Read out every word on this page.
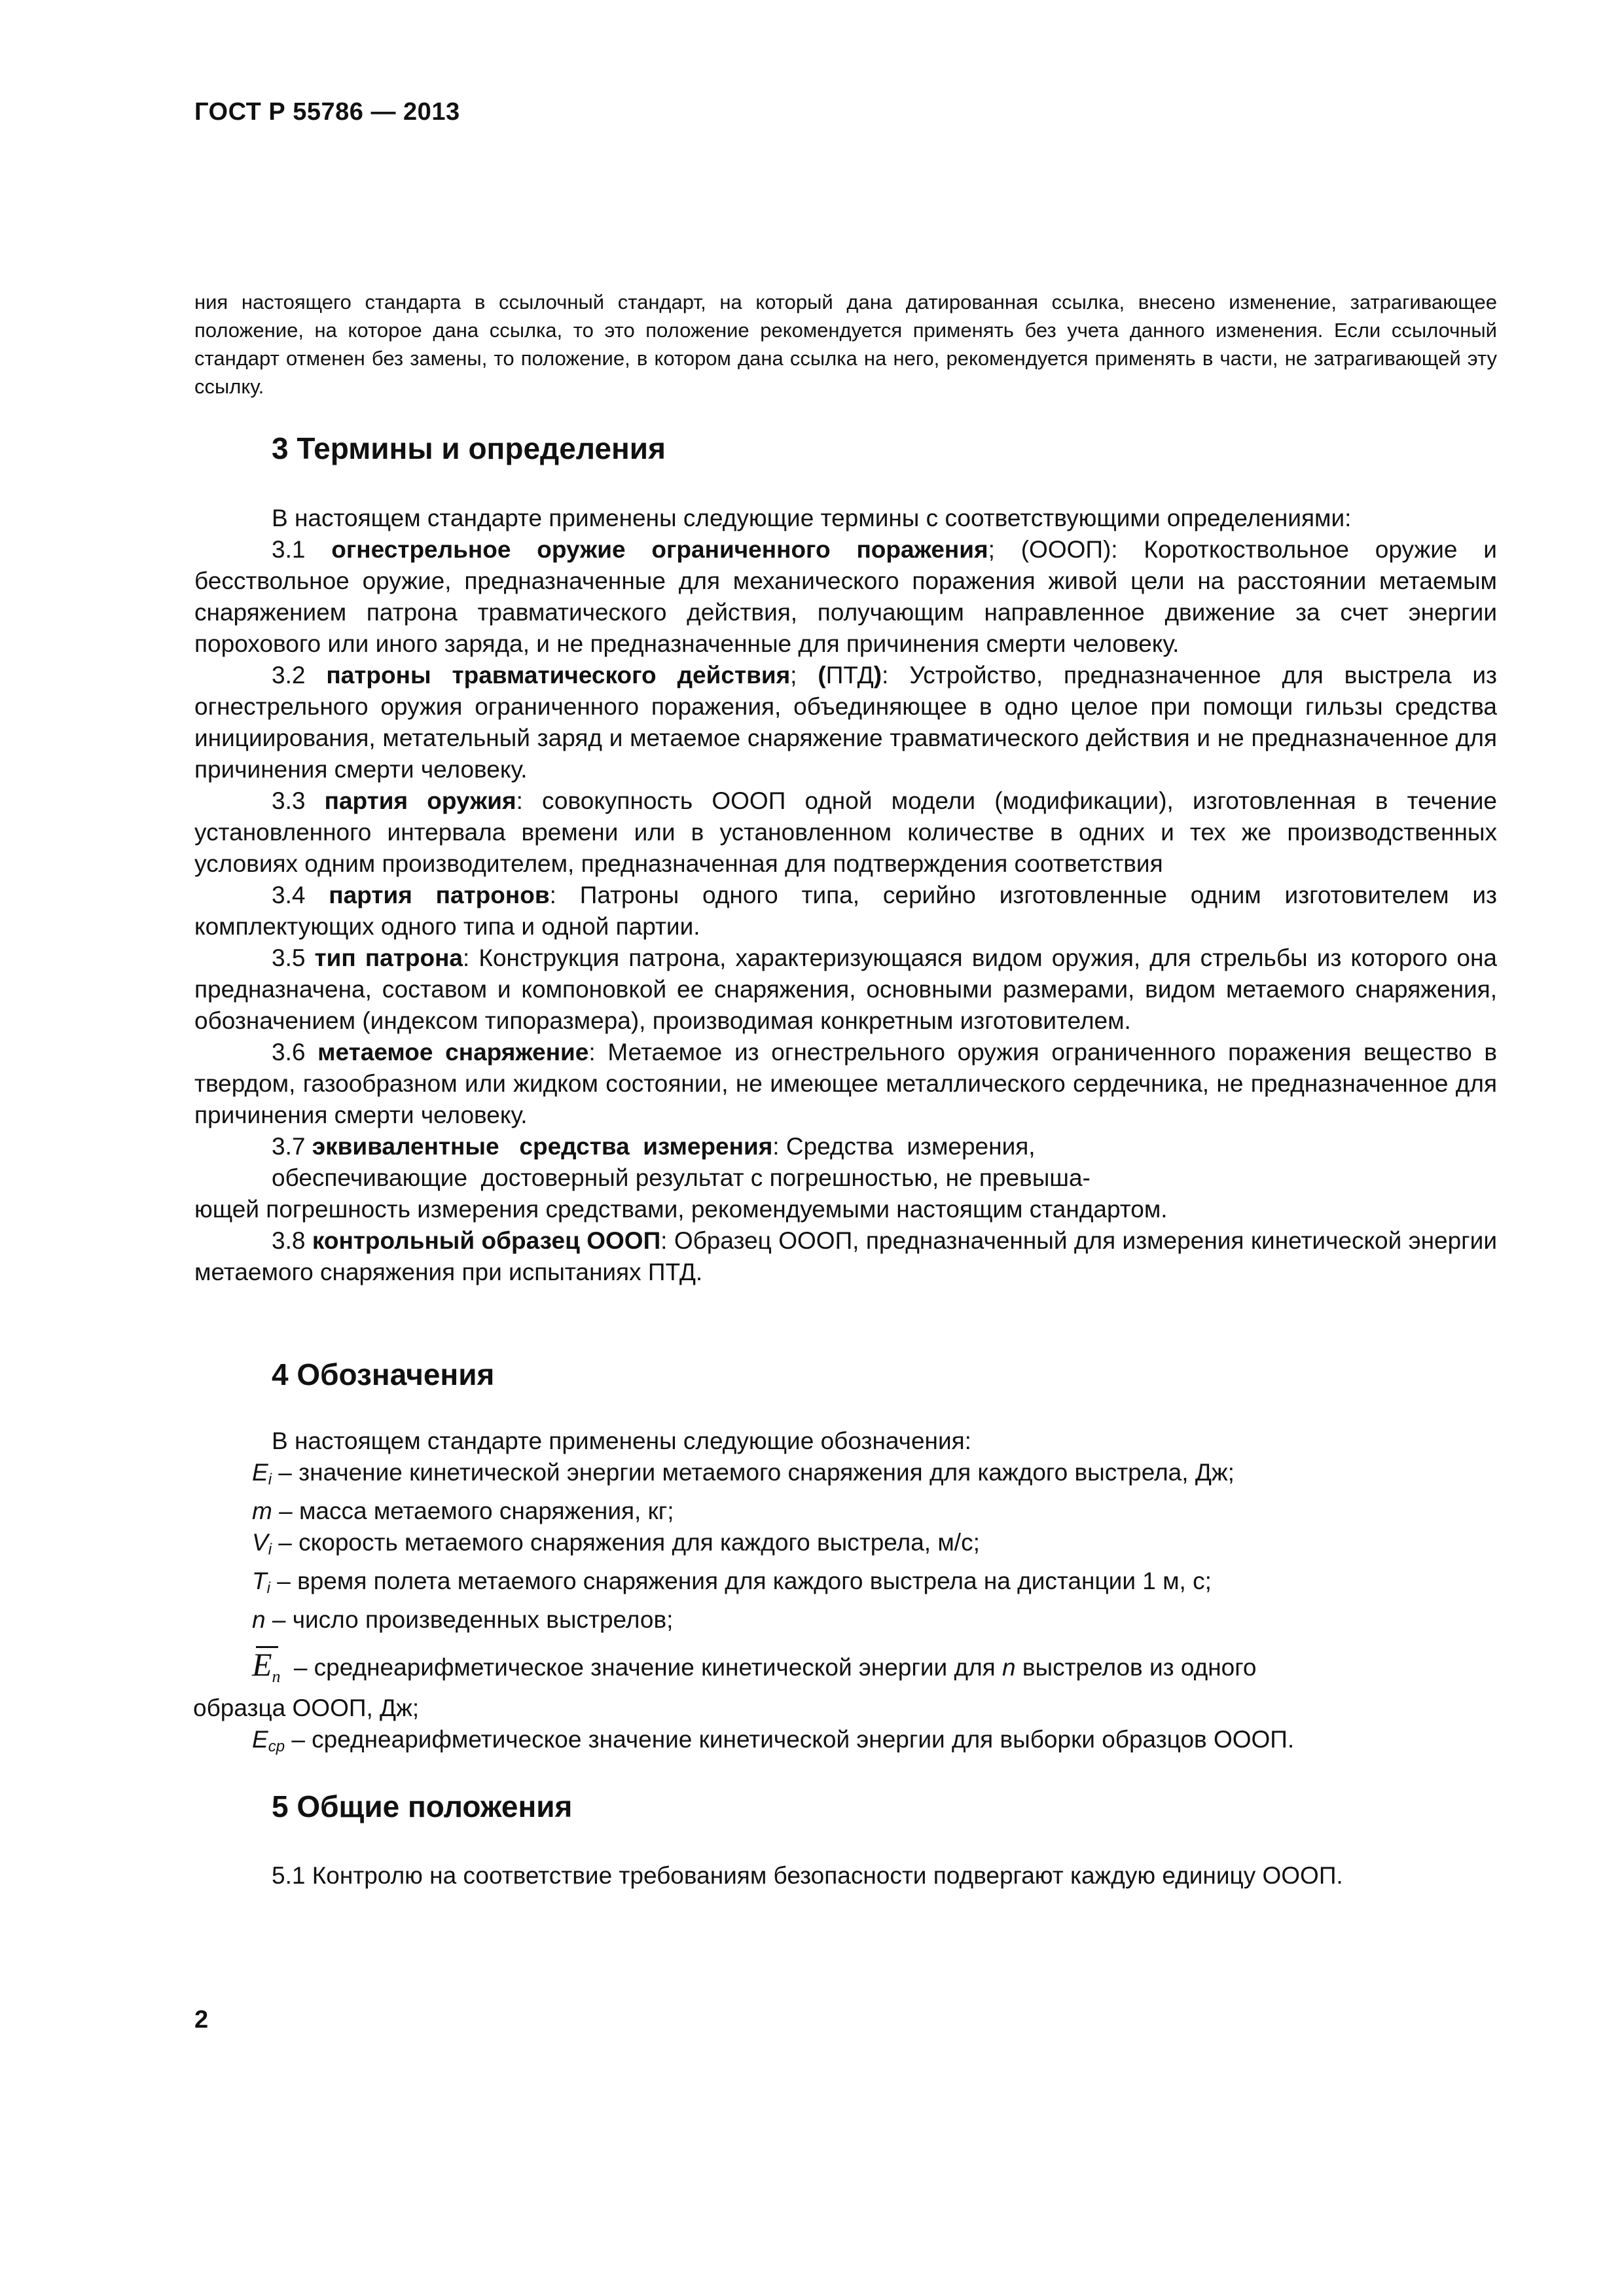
ГОСТ Р 55786 — 2013
ния настоящего стандарта в ссылочный стандарт, на который дана датированная ссылка, внесено изменение, затрагивающее положение, на которое дана ссылка, то это положение рекомендуется применять без учета данного изменения. Если ссылочный стандарт отменен без замены, то положение, в котором дана ссылка на него, рекомендуется применять в части, не затрагивающей эту ссылку.

3 Термины и определения

В настоящем стандарте применены следующие термины с соответствующими определениями:

3.1 огнестрельное оружие ограниченного поражения; (ОООП): Короткоствольное оружие и бесствольное оружие, предназначенные для механического поражения живой цели на расстоянии метаемым снаряжением патрона травматического действия, получающим направленное движение за счет энергии порохового или иного заряда, и не предназначенные для причинения смерти человеку.

3.2 патроны травматического действия; (ПТД): Устройство, предназначенное для выстрела из огнестрельного оружия ограниченного поражения, объединяющее в одно целое при помощи гильзы средства инициирования, метательный заряд и метаемое снаряжение травматического действия и не предназначенное для причинения смерти человеку.

3.3 партия оружия: совокупность ОООП одной модели (модификации), изготовленная в течение установленного интервала времени или в установленном количестве в одних и тех же производственных условиях одним производителем, предназначенная для подтверждения соответствия

3.4 партия патронов: Патроны одного типа, серийно изготовленные одним изготовителем из комплектующих одного типа и одной партии.

3.5 тип патрона: Конструкция патрона, характеризующаяся видом оружия, для стрельбы из которого она предназначена, составом и компоновкой ее снаряжения, основными размерами, видом метаемого снаряжения, обозначением (индексом типоразмера), производимая конкретным изготовителем.

3.6 метаемое снаряжение: Метаемое из огнестрельного оружия ограниченного поражения вещество в твердом, газообразном или жидком состоянии, не имеющее металлического сердечника, не предназначенное для причинения смерти человеку.

3.7 эквивалентные   средства  измерения: Средства  измерения,

обеспечивающие  достоверный результат с погрешностью, не превыша-

ющей погрешность измерения средствами, рекомендуемыми настоящим стандартом.

3.8 контрольный образец ОООП: Образец ОООП, предназначенный для измерения кинетической энергии метаемого снаряжения при испытаниях ПТД.

4 Обозначения

В настоящем стандарте применены следующие обозначения:

$E_i$ – значение кинетической энергии метаемого снаряжения для каждого выстрела, Дж;

m – масса метаемого снаряжения, кг;

$V_i$ – скорость метаемого снаряжения для каждого выстрела, м/с;

$T_i$ – время полета метаемого снаряжения для каждого выстрела на дистанции 1 м, с;

n – число произведенных выстрелов;

$E_n$ – среднеарифметическое значение кинетической энергии для n выстрелов из одного

образца ОООП, Дж;

$E_{ср}$ – среднеарифметическое значение кинетической энергии для выборки образцов ОООП.

5 Общие положения

5.1 Контролю на соответствие требованиям безопасности подвергают каждую единицу ОООП.

2
